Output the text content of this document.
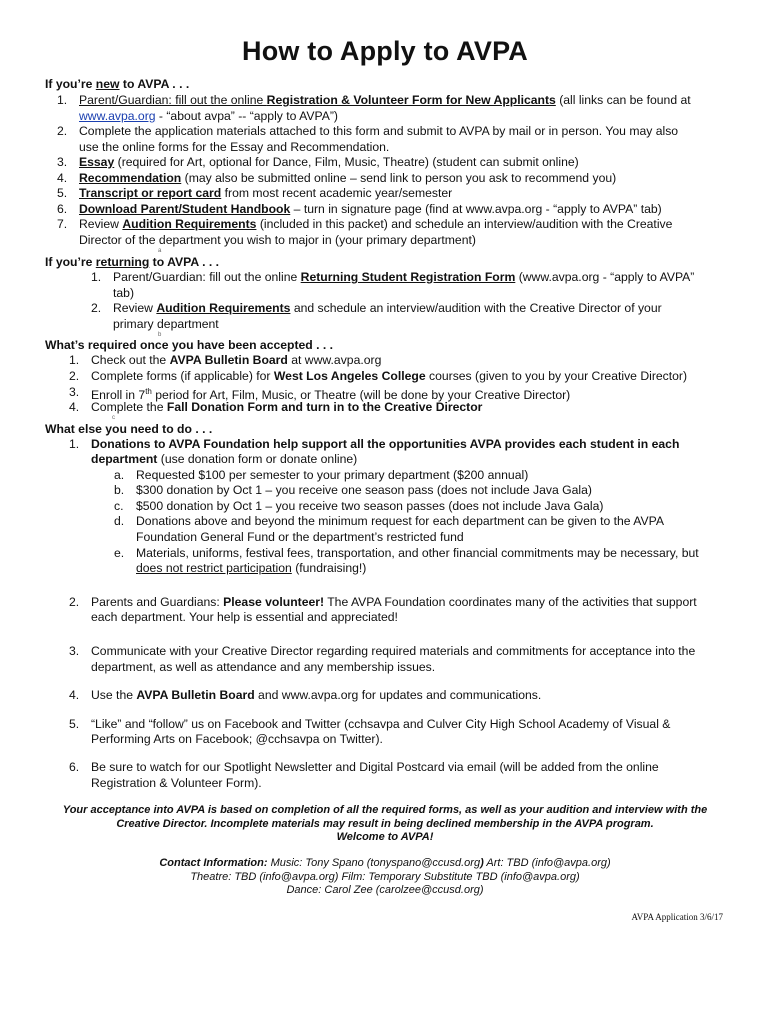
How to Apply to AVPA
If you’re new to AVPA . . .
1. Parent/Guardian: fill out the online Registration & Volunteer Form for New Applicants (all links can be found at
www.avpa.org - “about avpa” -- “apply to AVPA”)
2. Complete the application materials attached to this form and submit to AVPA by mail or in person. You may also
use the online forms for the Essay and Recommendation.
3. Essay (required for Art, optional for Dance, Film, Music, Theatre) (student can submit online)
4. Recommendation (may also be submitted online – send link to person you ask to recommend you)
5. Transcript or report card from most recent academic year/semester
6. Download Parent/Student Handbook – turn in signature page (find at www.avpa.org - “apply to AVPA” tab)
7. Review Audition Requirements (included in this packet) and schedule an interview/audition with the Creative
Director of the department you wish to major in (your primary department)
a
If you’re returning to AVPA . . .
1. Parent/Guardian: fill out the online Returning Student Registration Form (www.avpa.org - “apply to AVPA”
tab)
2. Review Audition Requirements and schedule an interview/audition with the Creative Director of your
primary department
b
What’s required once you have been accepted . . .
1. Check out the AVPA Bulletin Board at www.avpa.org
2. Complete forms (if applicable) for West Los Angeles College courses (given to you by your Creative Director)
3. Enroll in 7th period for Art, Film, Music, or Theatre (will be done by your Creative Director)
4. Complete the Fall Donation Form and turn in to the Creative Director
c
What else you need to do . . .
1. Donations to AVPA Foundation help support all the opportunities AVPA provides each student in each
department (use donation form or donate online)
a. Requested $100 per semester to your primary department ($200 annual)
b. $300 donation by Oct 1 – you receive one season pass (does not include Java Gala)
c. $500 donation by Oct 1 – you receive two season passes (does not include Java Gala)
d. Donations above and beyond the minimum request for each department can be given to the AVPA
Foundation General Fund or the department’s restricted fund
e. Materials, uniforms, festival fees, transportation, and other financial commitments may be necessary, but
does not restrict participation (fundraising!)
2. Parents and Guardians: Please volunteer! The AVPA Foundation coordinates many of the activities that support
each department. Your help is essential and appreciated!
3. Communicate with your Creative Director regarding required materials and commitments for acceptance into the
department, as well as attendance and any membership issues.
4. Use the AVPA Bulletin Board and www.avpa.org for updates and communications.
5. “Like” and “follow” us on Facebook and Twitter (cchsavpa and Culver City High School Academy of Visual &
Performing Arts on Facebook; @cchsavpa on Twitter).
6. Be sure to watch for our Spotlight Newsletter and Digital Postcard via email (will be added from the online
Registration & Volunteer Form).
Your acceptance into AVPA is based on completion of all the required forms, as well as your audition and interview with the
Creative Director. Incomplete materials may result in being declined membership in the AVPA program.
Welcome to AVPA!
Contact Information: Music: Tony Spano (tonyspano@ccusd.org) Art: TBD (info@avpa.org)
Theatre: TBD (info@avpa.org) Film: Temporary Substitute TBD (info@avpa.org)
Dance: Carol Zee (carolzee@ccusd.org)
AVPA Application 3/6/17
